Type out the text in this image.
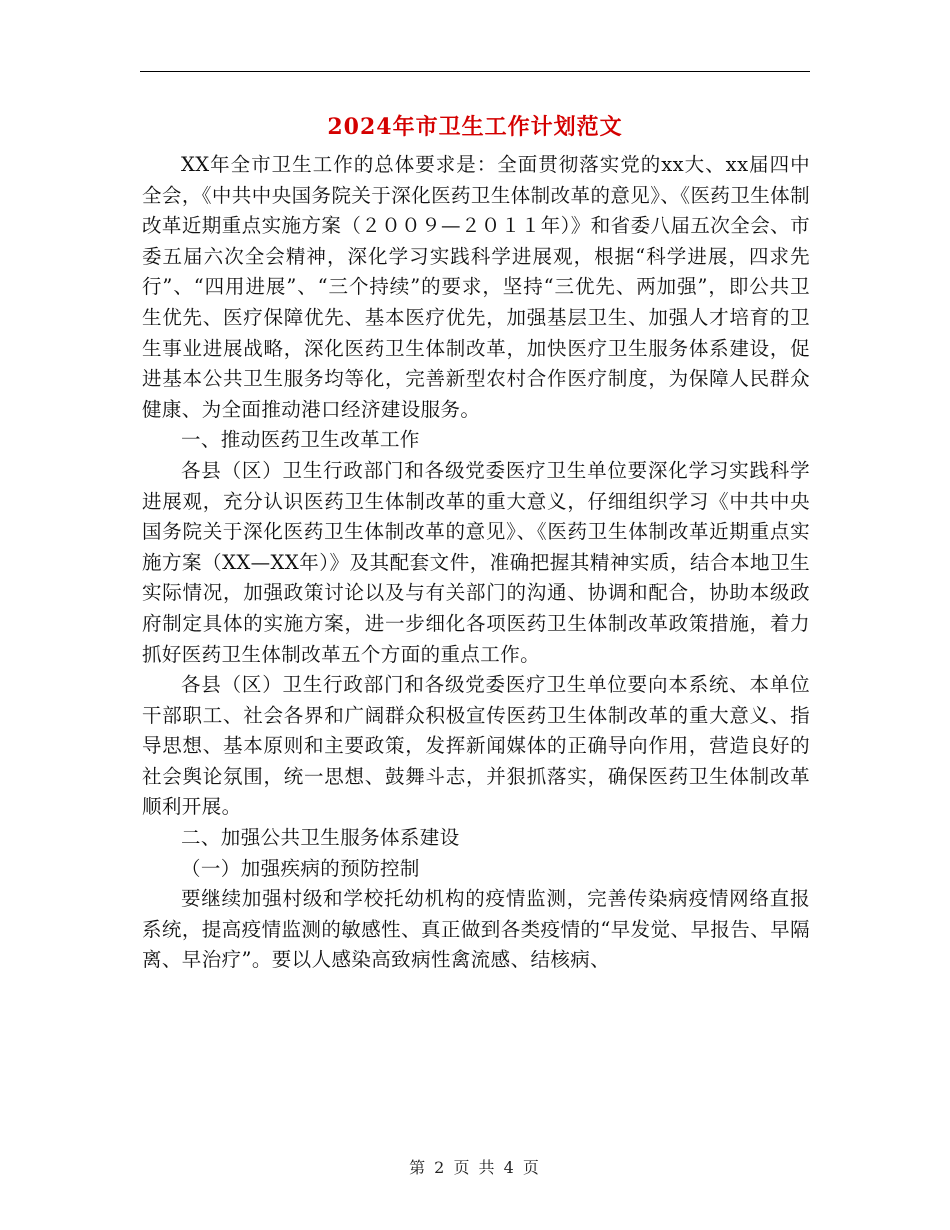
2024年市卫生工作计划范文

XX年全市卫生工作的总体要求是：全面贯彻落实党的xx大、xx届四中全会，《中共中央国务院关于深化医药卫生体制改革的意见》、《医药卫生体制改革近期重点实施方案（２００９—２０１１年）》和省委八届五次全会、市委五届六次全会精神，深化学习实践科学进展观，根据“科学进展，四求先行”、“四用进展”、“三个持续”的要求，坚持“三优先、两加强”，即公共卫生优先、医疗保障优先、基本医疗优先，加强基层卫生、加强人才培育的卫生事业进展战略，深化医药卫生体制改革，加快医疗卫生服务体系建设，促进基本公共卫生服务均等化，完善新型农村合作医疗制度，为保障人民群众健康、为全面推动港口经济建设服务。

一、推动医药卫生改革工作

各县（区）卫生行政部门和各级党委医疗卫生单位要深化学习实践科学进展观，充分认识医药卫生体制改革的重大意义，仔细组织学习《中共中央国务院关于深化医药卫生体制改革的意见》、《医药卫生体制改革近期重点实施方案（XX—XX年）》及其配套文件，准确把握其精神实质，结合本地卫生实际情况，加强政策讨论以及与有关部门的沟通、协调和配合，协助本级政府制定具体的实施方案，进一步细化各项医药卫生体制改革政策措施，着力抓好医药卫生体制改革五个方面的重点工作。

各县（区）卫生行政部门和各级党委医疗卫生单位要向本系统、本单位干部职工、社会各界和广阔群众积极宣传医药卫生体制改革的重大意义、指导思想、基本原则和主要政策，发挥新闻媒体的正确导向作用，营造良好的社会舆论氛围，统一思想、鼓舞斗志，并狠抓落实，确保医药卫生体制改革顺利开展。

二、加强公共卫生服务体系建设

（一）加强疾病的预防控制

要继续加强村级和学校托幼机构的疫情监测，完善传染病疫情网络直报系统，提高疫情监测的敏感性、真正做到各类疫情的“早发觉、早报告、早隔离、早治疗”。要以人感染高致病性禽流感、结核病、

第 2 页 共 4 页
